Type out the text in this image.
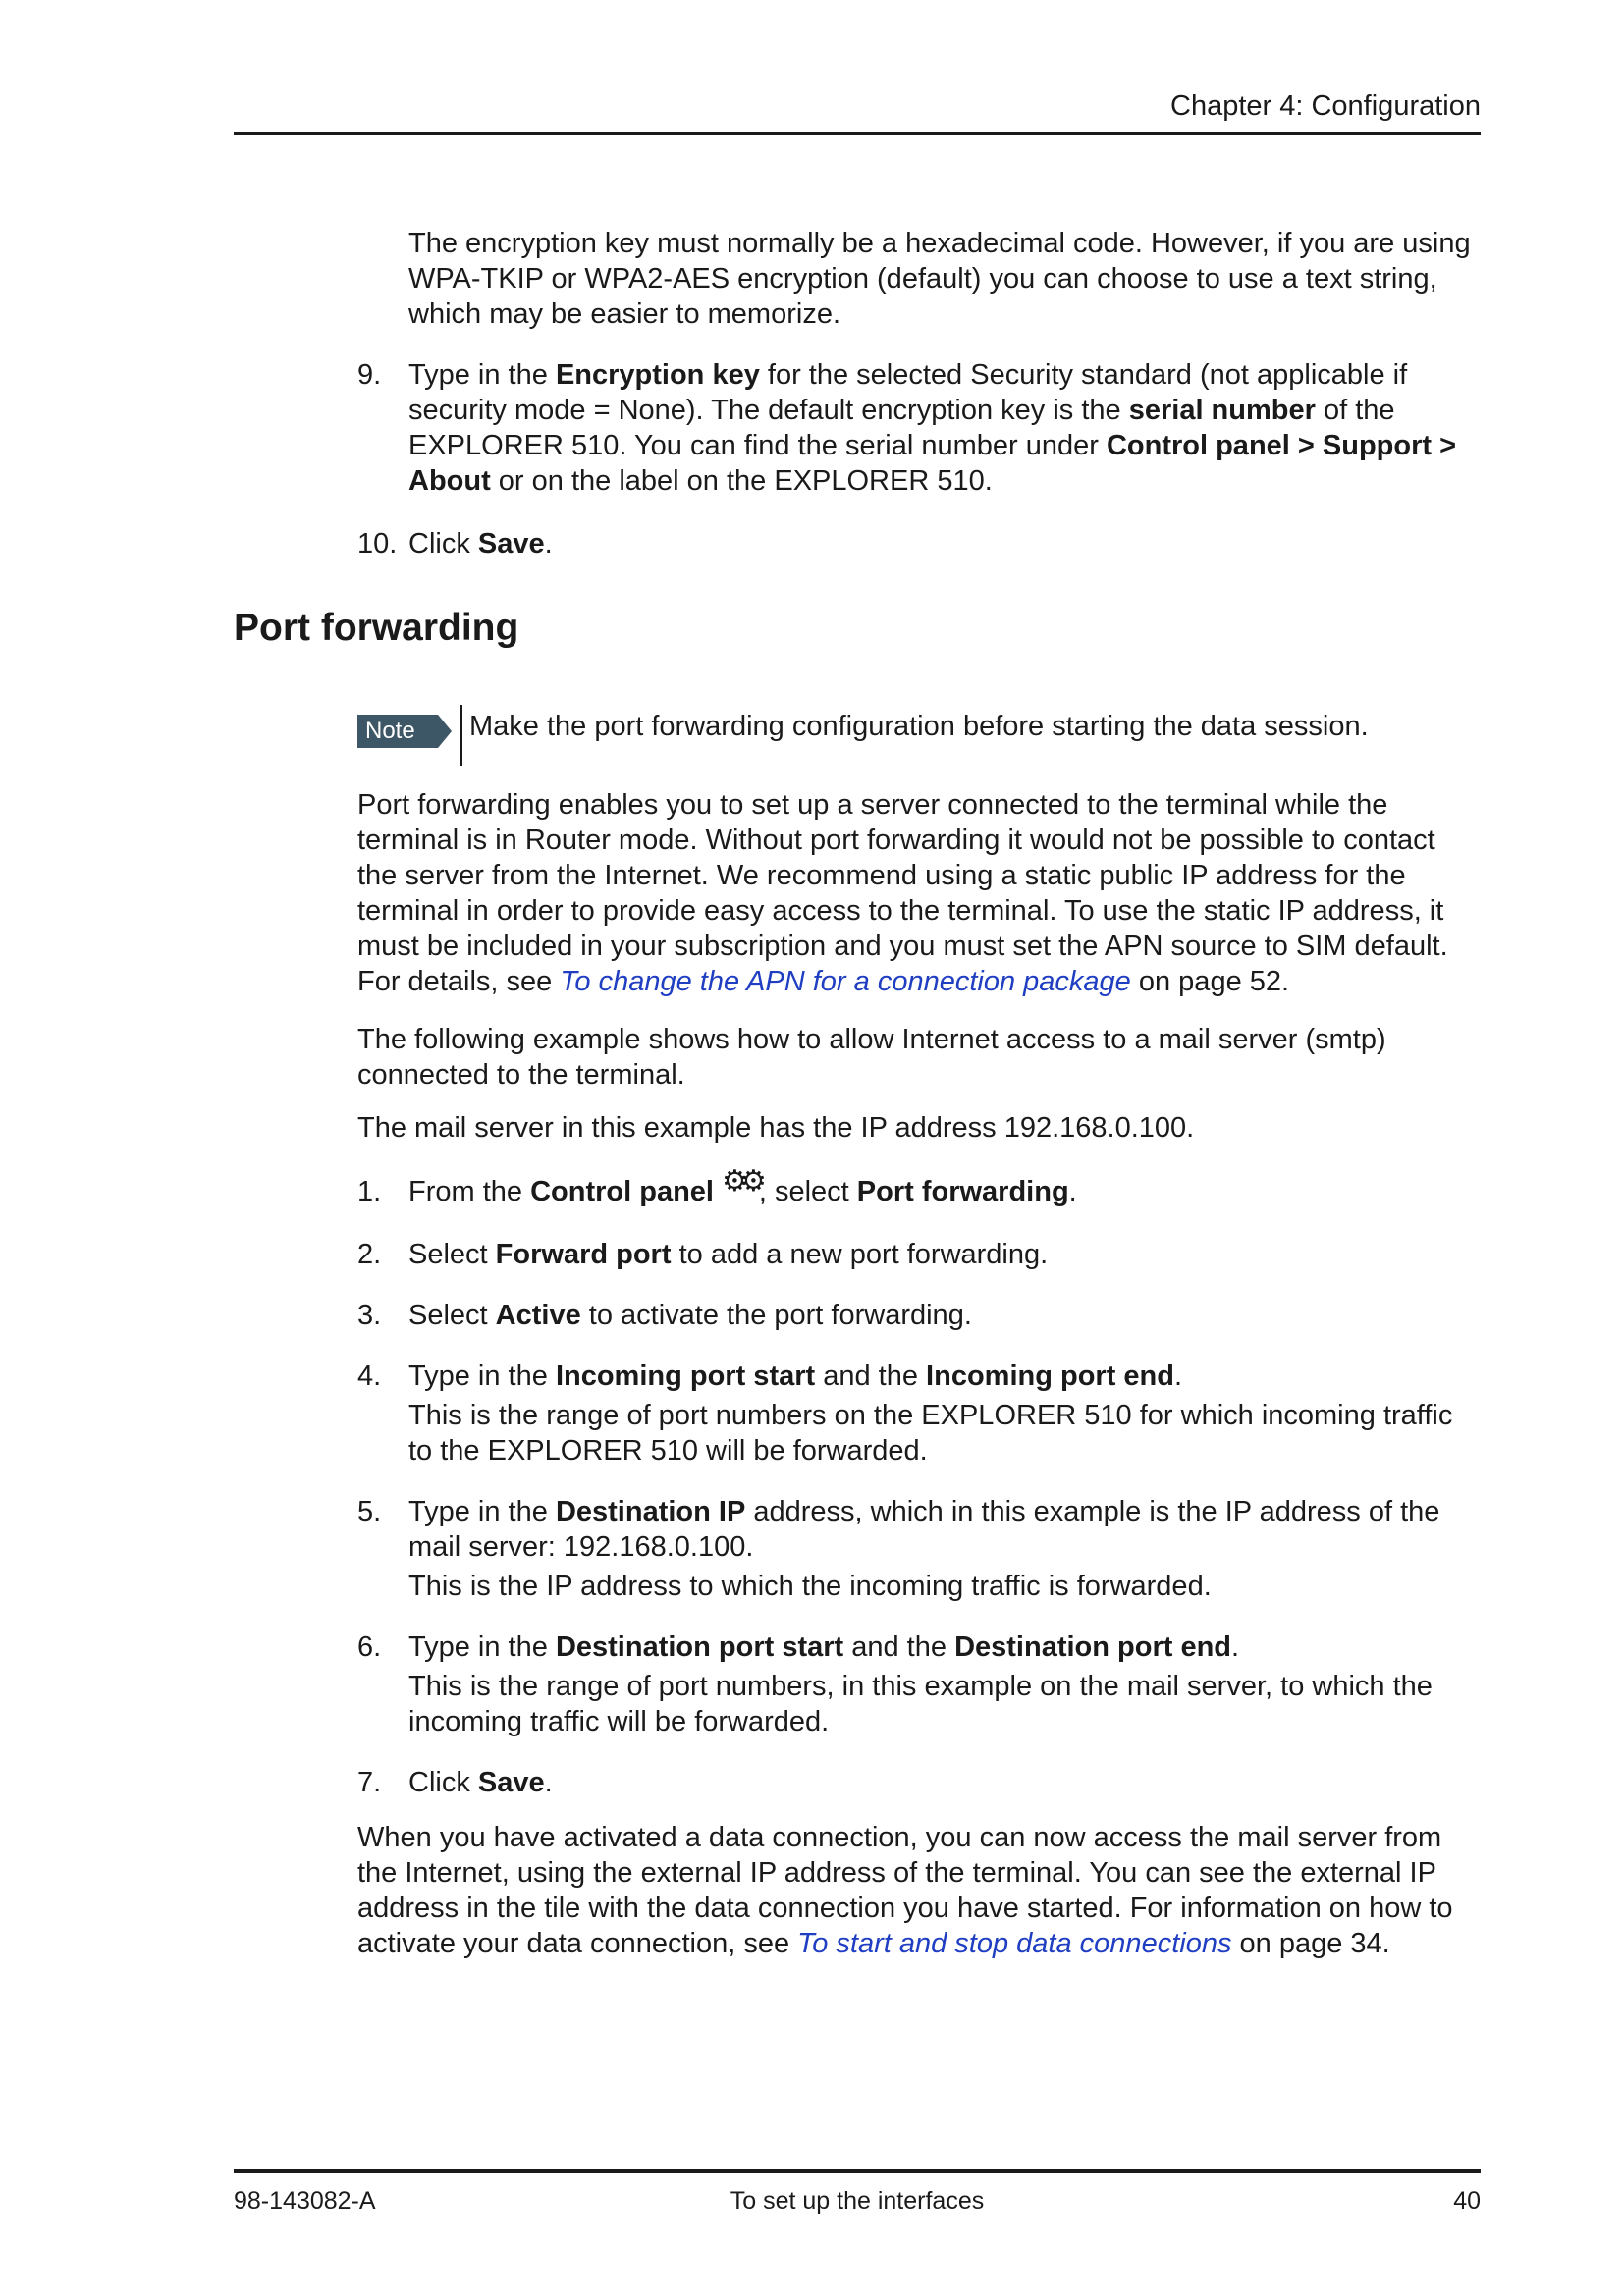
Chapter 4: Configuration

The encryption key must normally be a hexadecimal code. However, if you are using WPA-TKIP or WPA2-AES encryption (default) you can choose to use a text string, which may be easier to memorize.

9. Type in the Encryption key for the selected Security standard (not applicable if security mode = None). The default encryption key is the serial number of the EXPLORER 510. You can find the serial number under Control panel > Support > About or on the label on the EXPLORER 510.
10. Click Save.
Port forwarding
Note	Make the port forwarding configuration before starting the data session.

Port forwarding enables you to set up a server connected to the terminal while the terminal is in Router mode. Without port forwarding it would not be possible to contact the server from the Internet. We recommend using a static public IP address for the terminal in order to provide easy access to the terminal. To use the static IP address, it must be included in your subscription and you must set the APN source to SIM default. For details, see To change the APN for a connection package on page 52.

The following example shows how to allow Internet access to a mail server (smtp) connected to the terminal.

The mail server in this example has the IP address 192.168.0.100.

1. From the Control panel ⚙⚙, select Port forwarding.
2. Select Forward port to add a new port forwarding.
3. Select Active to activate the port forwarding.
4. Type in the Incoming port start and the Incoming port end.
This is the range of port numbers on the EXPLORER 510 for which incoming traffic to the EXPLORER 510 will be forwarded.
5. Type in the Destination IP address, which in this example is the IP address of the mail server: 192.168.0.100.
This is the IP address to which the incoming traffic is forwarded.
6. Type in the Destination port start and the Destination port end.
This is the range of port numbers, in this example on the mail server, to which the incoming traffic will be forwarded.
7. Click Save.

When you have activated a data connection, you can now access the mail server from the Internet, using the external IP address of the terminal. You can see the external IP address in the tile with the data connection you have started. For information on how to activate your data connection, see To start and stop data connections on page 34.

98-143082-A	To set up the interfaces	40
